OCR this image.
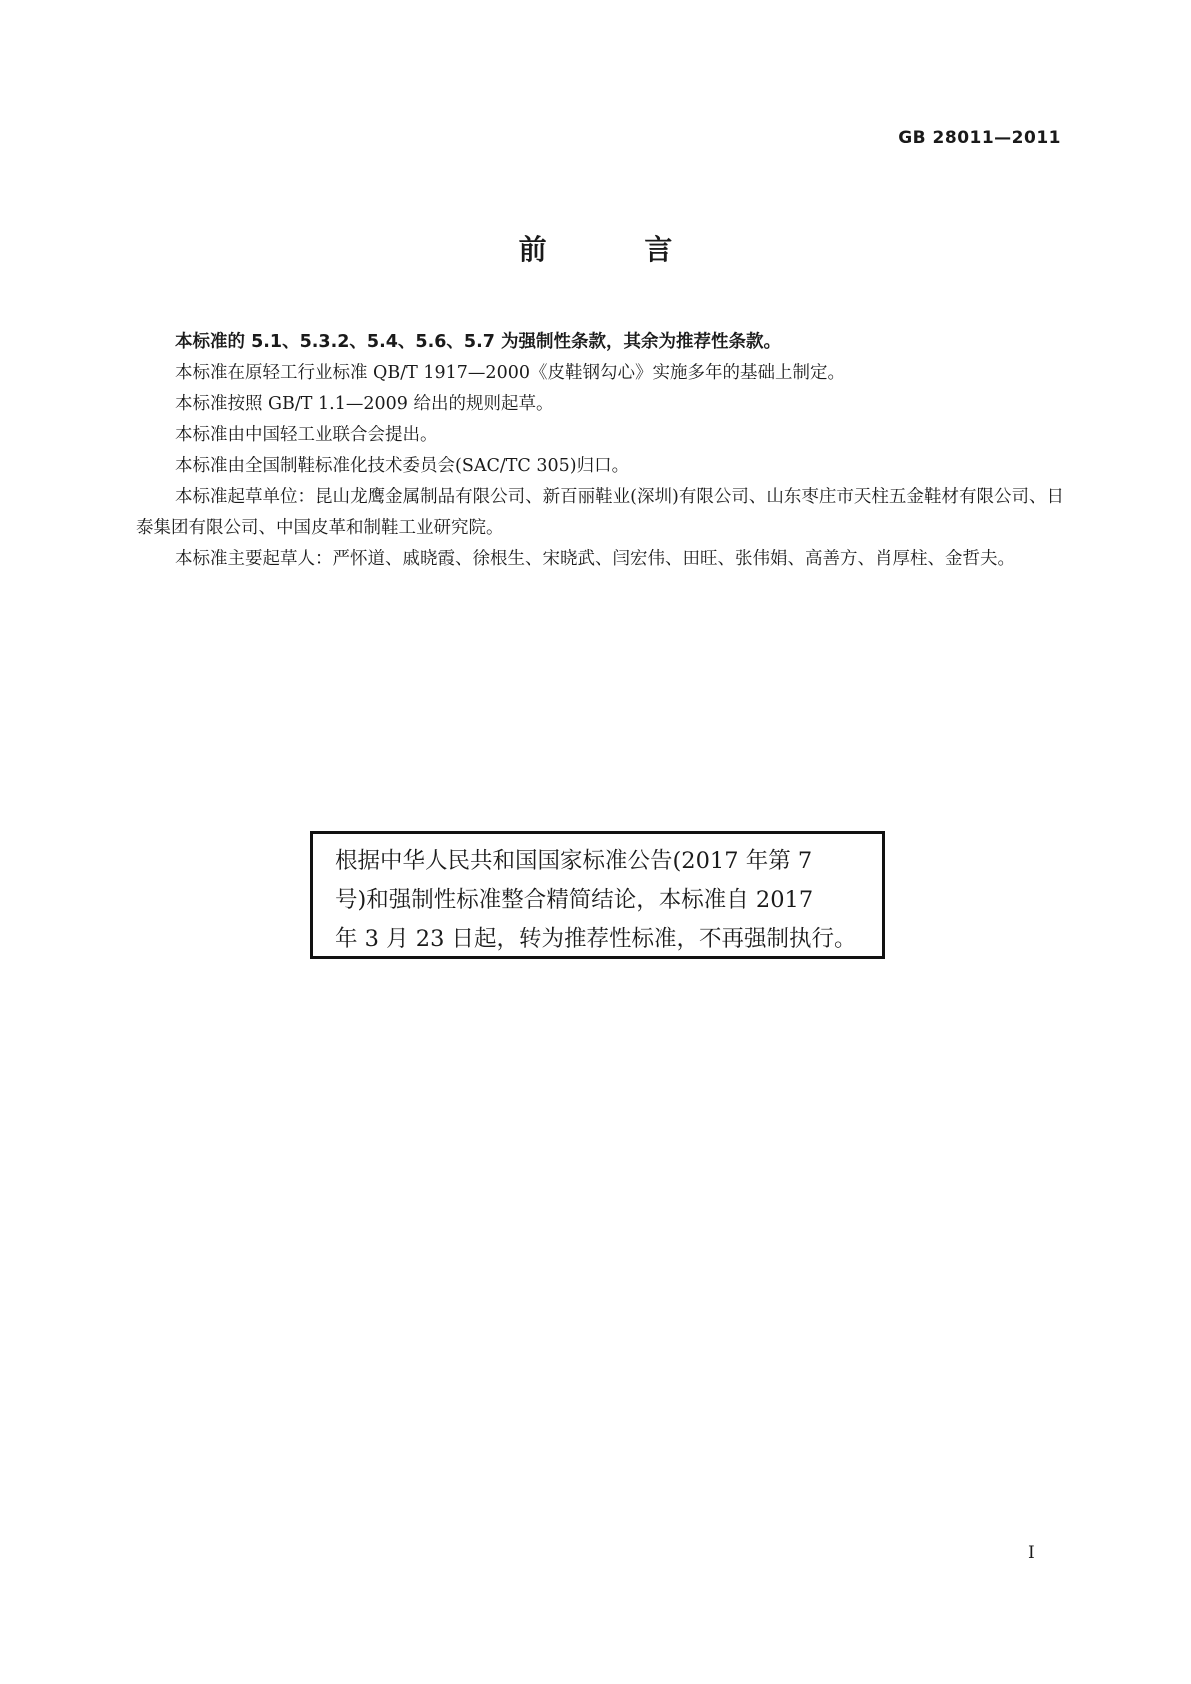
GB 28011—2011
前 言

本标准的 5.1、5.3.2、5.4、5.6、5.7 为强制性条款，其余为推荐性条款。

本标准在原轻工行业标准 QB/T 1917—2000《皮鞋钢勾心》实施多年的基础上制定。

本标准按照 GB/T 1.1—2009 给出的规则起草。

本标准由中国轻工业联合会提出。

本标准由全国制鞋标准化技术委员会(SAC/TC 305)归口。

本标准起草单位：昆山龙鹰金属制品有限公司、新百丽鞋业(深圳)有限公司、山东枣庄市天柱五金鞋材有限公司、日泰集团有限公司、中国皮革和制鞋工业研究院。

本标准主要起草人：严怀道、戚晓霞、徐根生、宋晓武、闫宏伟、田旺、张伟娟、高善方、肖厚柱、金哲夫。

根据中华人民共和国国家标准公告(2017 年第 7
号)和强制性标准整合精简结论，本标准自 2017
年 3 月 23 日起，转为推荐性标准，不再强制执行。
I
